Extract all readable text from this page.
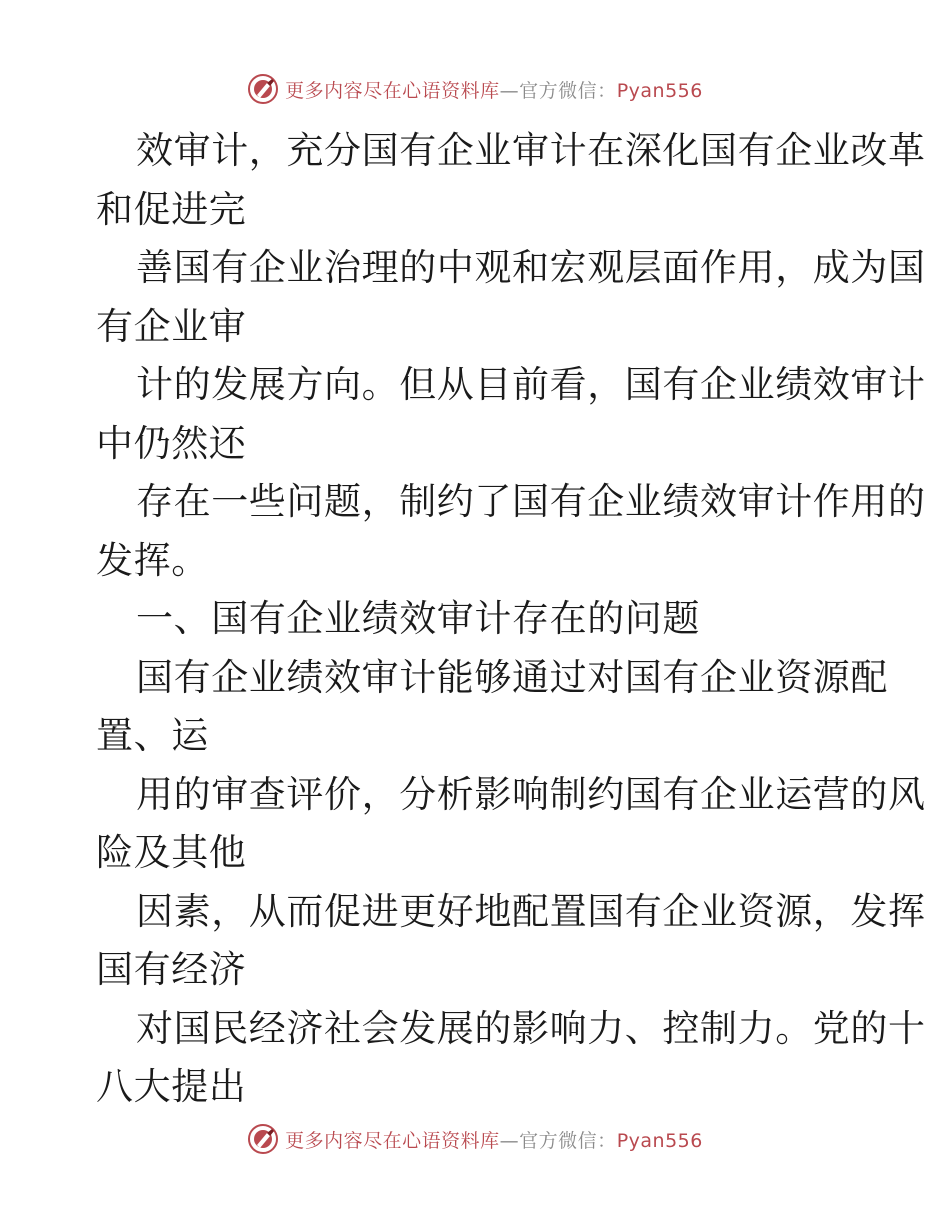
更多内容尽在心语资料库—官方微信：Pyan556
效审计，充分国有企业审计在深化国有企业改革
和促进完
善国有企业治理的中观和宏观层面作用，成为国
有企业审
计的发展方向。但从目前看，国有企业绩效审计
中仍然还
存在一些问题，制约了国有企业绩效审计作用的
发挥。
一、国有企业绩效审计存在的问题
国有企业绩效审计能够通过对国有企业资源配
置、运
用的审查评价，分析影响制约国有企业运营的风
险及其他
因素，从而促进更好地配置国有企业资源，发挥
国有经济
对国民经济社会发展的影响力、控制力。党的十
八大提出
更多内容尽在心语资料库—官方微信：Pyan556
